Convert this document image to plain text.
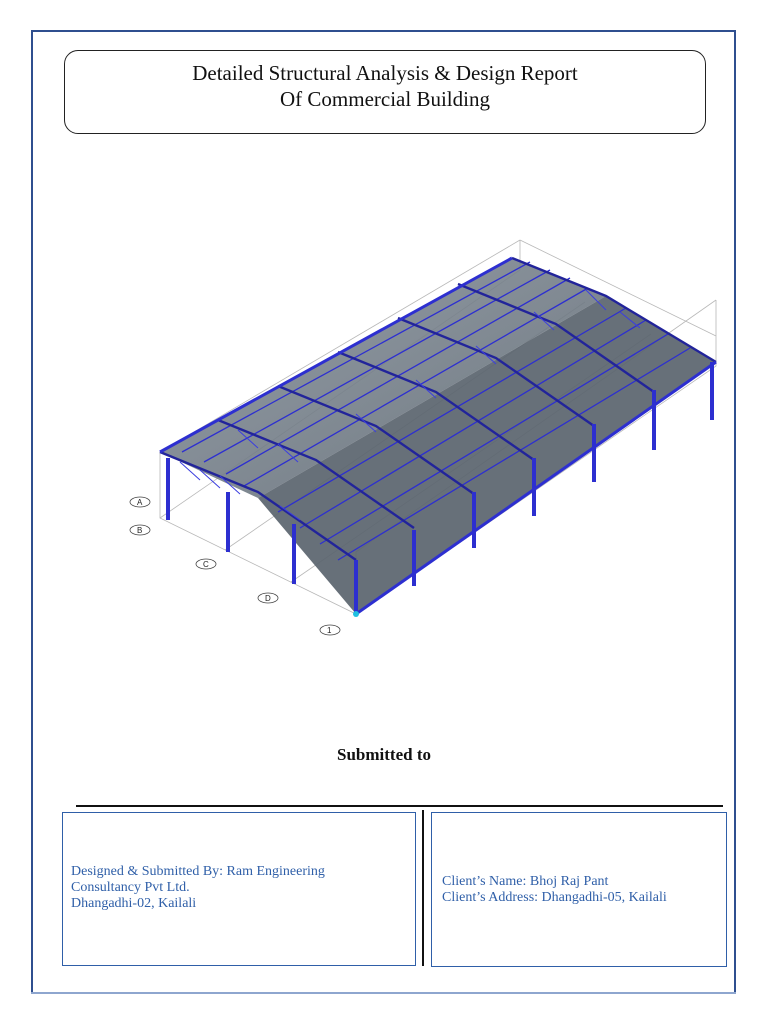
Detailed Structural Analysis & Design Report
Of Commercial Building
A
B
C
D
1
Submitted to
Designed & Submitted By: Ram Engineering
Consultancy Pvt Ltd.
Dhangadhi-02, Kailali
Client’s Name: Bhoj Raj Pant
Client’s Address: Dhangadhi-05, Kailali
